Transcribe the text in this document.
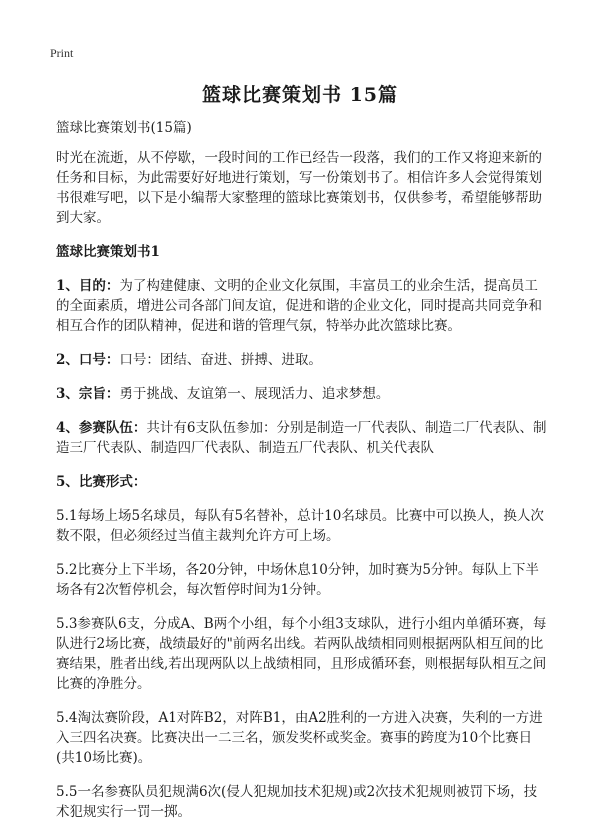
Print
篮球比赛策划书 15篇

篮球比赛策划书(15篇)

时光在流逝，从不停歇，一段时间的工作已经告一段落，我们的工作又将迎来新的任务和目标，为此需要好好地进行策划，写一份策划书了。相信许多人会觉得策划书很难写吧，以下是小编帮大家整理的篮球比赛策划书，仅供参考，希望能够帮助到大家。

篮球比赛策划书1

1、目的：为了构建健康、文明的企业文化氛围，丰富员工的业余生活，提高员工的全面素质，增进公司各部门间友谊，促进和谐的企业文化，同时提高共同竞争和相互合作的团队精神，促进和谐的管理气氛，特举办此次篮球比赛。

2、口号：口号：团结、奋进、拼搏、进取。

3、宗旨：勇于挑战、友谊第一、展现活力、追求梦想。

4、参赛队伍：共计有6支队伍参加：分别是制造一厂代表队、制造二厂代表队、制造三厂代表队、制造四厂代表队、制造五厂代表队、机关代表队

5、比赛形式：

5.1每场上场5名球员，每队有5名替补，总计10名球员。比赛中可以换人，换人次数不限，但必须经过当值主裁判允许方可上场。

5.2比赛分上下半场，各20分钟，中场休息10分钟，加时赛为5分钟。每队上下半场各有2次暂停机会，每次暂停时间为1分钟。

5.3参赛队6支，分成A、B两个小组，每个小组3支球队，进行小组内单循环赛，每队进行2场比赛，战绩最好的"前两名出线。若两队战绩相同则根据两队相互间的比赛结果，胜者出线,若出现两队以上战绩相同，且形成循环套，则根据每队相互之间比赛的净胜分。

5.4淘汰赛阶段，A1对阵B2，对阵B1，由A2胜利的一方进入决赛，失利的一方进入三四名决赛。比赛决出一二三名，颁发奖杯或奖金。赛事的跨度为10个比赛日(共10场比赛)。

5.5一名参赛队员犯规满6次(侵人犯规加技术犯规)或2次技术犯规则被罚下场，技术犯规实行一罚一掷。
